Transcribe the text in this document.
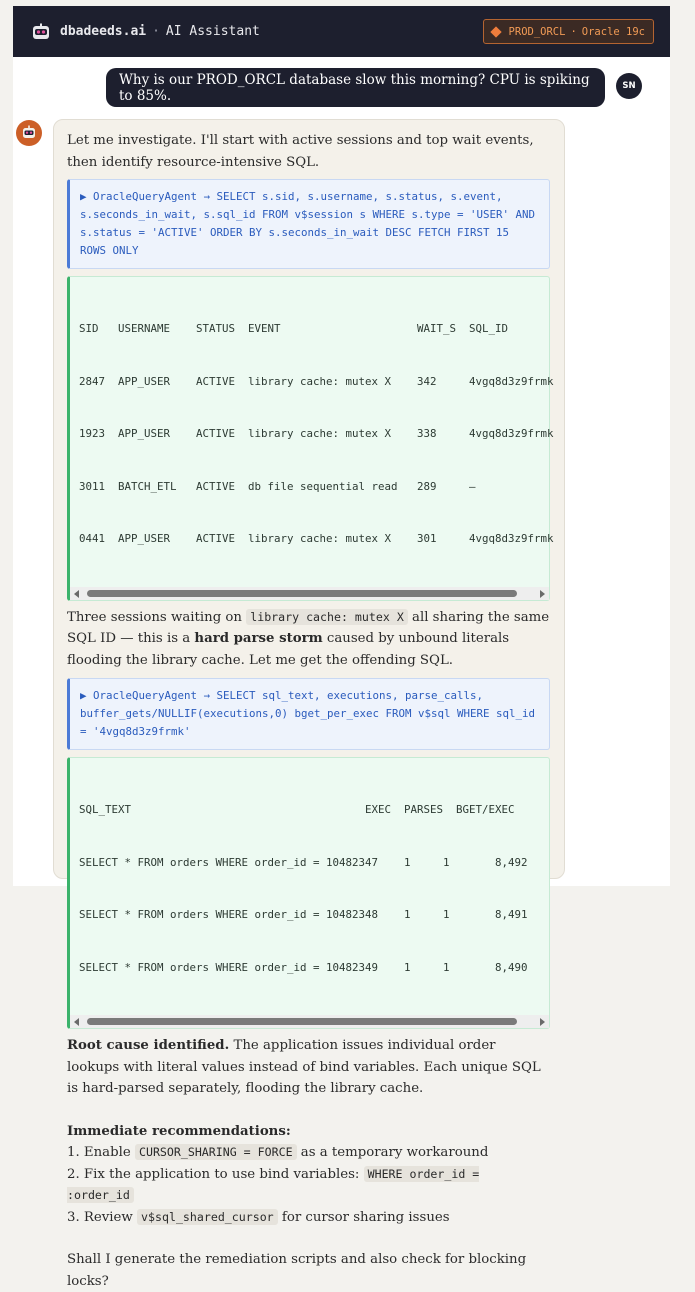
dbadeeds.ai · AI Assistant	PROD_ORCL · Oracle 19c
Why is our PROD_ORCL database slow this morning? CPU is spiking to 85%.
SN
Let me investigate. I'll start with active sessions and top wait events, then identify resource-intensive SQL.
▶ OracleQueryAgent → SELECT s.sid, s.username, s.status, s.event, s.seconds_in_wait, s.sql_id FROM v$session s WHERE s.type = 'USER' AND s.status = 'ACTIVE' ORDER BY s.seconds_in_wait DESC FETCH FIRST 15 ROWS ONLY

SID   USERNAME    STATUS  EVENT                     WAIT_S  SQL_ID

2847  APP_USER    ACTIVE  library cache: mutex X    342     4vgq8d3z9frmk

1923  APP_USER    ACTIVE  library cache: mutex X    338     4vgq8d3z9frmk

3011  BATCH_ETL   ACTIVE  db file sequential read   289     —

0441  APP_USER    ACTIVE  library cache: mutex X    301     4vgq8d3z9frmk

Three sessions waiting on library cache: mutex X all sharing the same SQL ID — this is a hard parse storm caused by unbound literals flooding the library cache. Let me get the offending SQL.
▶ OracleQueryAgent → SELECT sql_text, executions, parse_calls, buffer_gets/NULLIF(executions,0) bget_per_exec FROM v$sql WHERE sql_id = '4vgq8d3z9frmk'

SQL_TEXT                                    EXEC  PARSES  BGET/EXEC

SELECT * FROM orders WHERE order_id = 10482347    1     1       8,492

SELECT * FROM orders WHERE order_id = 10482348    1     1       8,491

SELECT * FROM orders WHERE order_id = 10482349    1     1       8,490

Root cause identified. The application issues individual order lookups with literal values instead of bind variables. Each unique SQL is hard-parsed separately, flooding the library cache.
Immediate recommendations:
1. Enable CURSOR_SHARING = FORCE as a temporary workaround
2. Fix the application to use bind variables: WHERE order_id = :order_id
3. Review v$sql_shared_cursor for cursor sharing issues
Shall I generate the remediation scripts and also check for blocking locks?
